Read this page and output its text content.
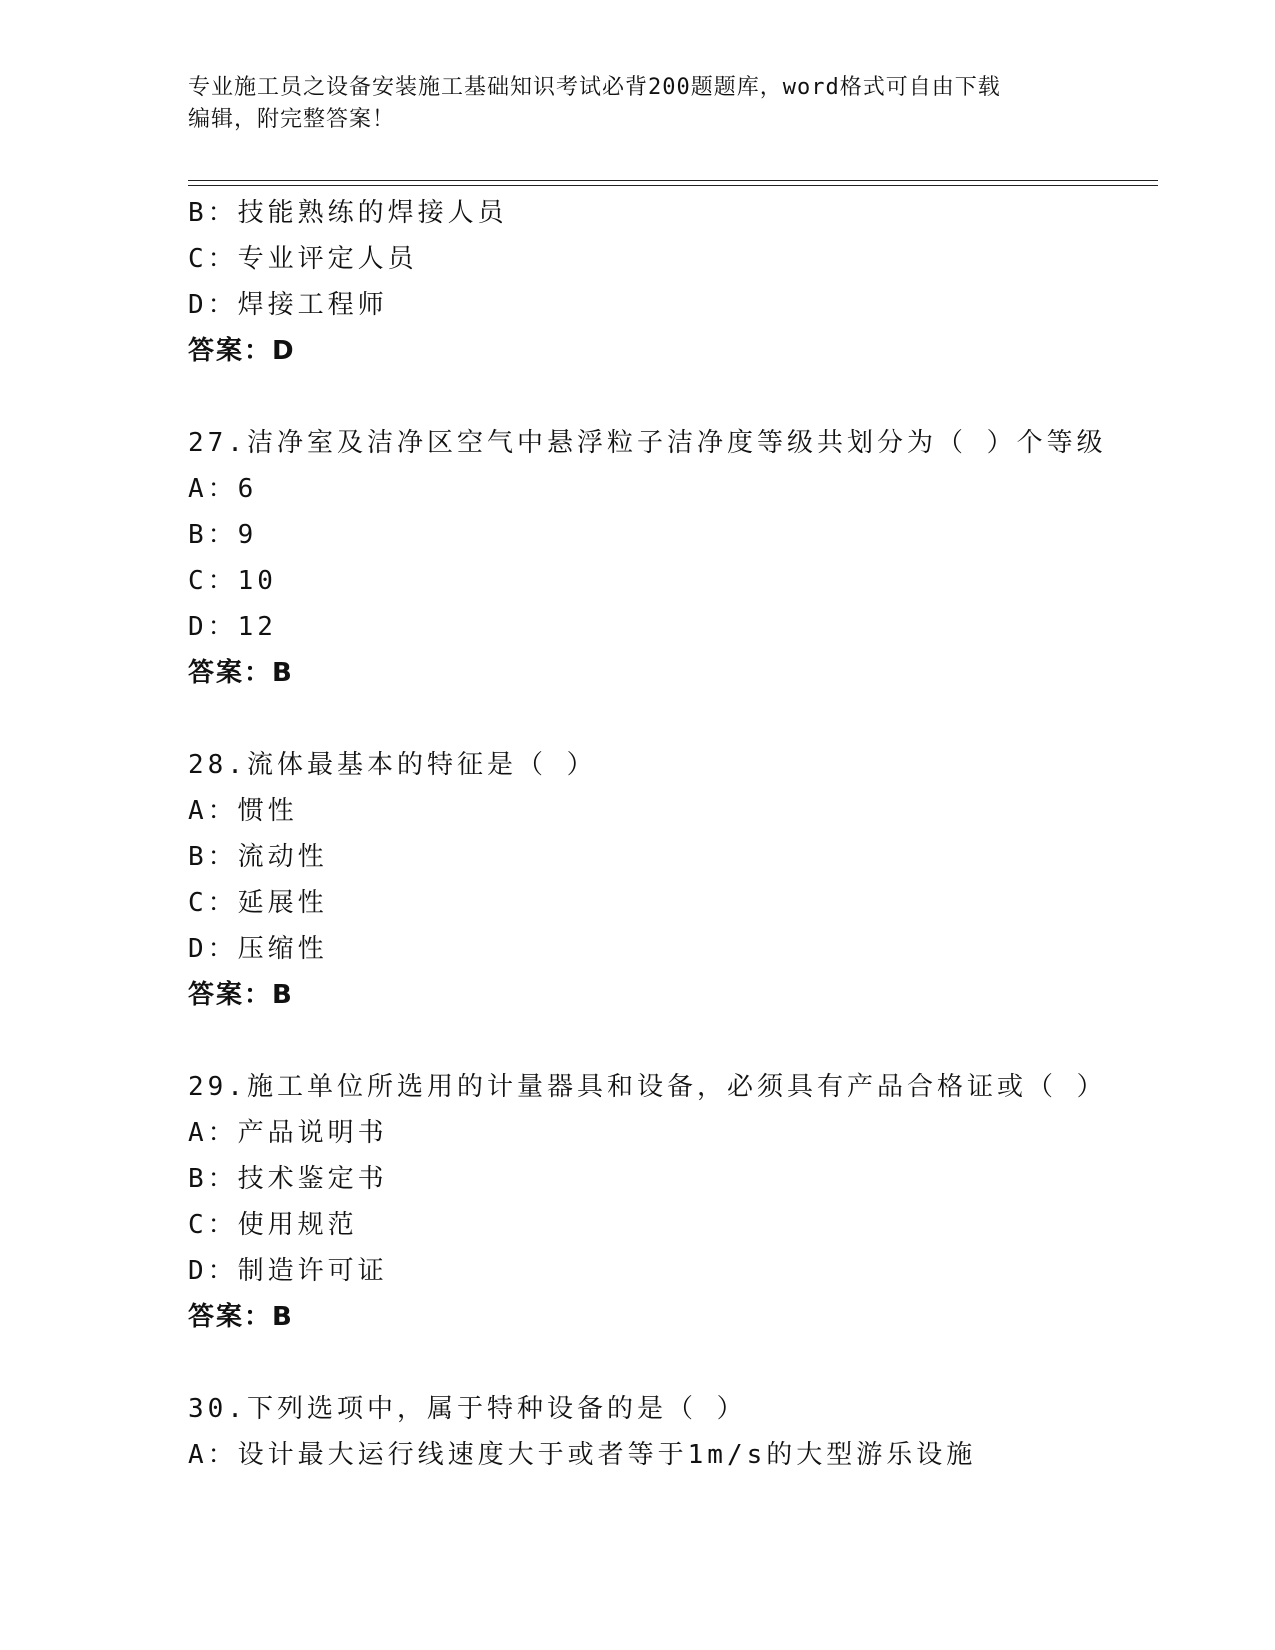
专业施工员之设备安装施工基础知识考试必背200题题库，word格式可自由下载
编辑，附完整答案！
B：技能熟练的焊接人员
C：专业评定人员
D：焊接工程师
答案：D
27.洁净室及洁净区空气中悬浮粒子洁净度等级共划分为（ ）个等级
A：6
B：9
C：10
D：12
答案：B
28.流体最基本的特征是（ ）
A：惯性
B：流动性
C：延展性
D：压缩性
答案：B
29.施工单位所选用的计量器具和设备，必须具有产品合格证或（ ）
A：产品说明书
B：技术鉴定书
C：使用规范
D：制造许可证
答案：B
30.下列选项中，属于特种设备的是（ ）
A：设计最大运行线速度大于或者等于1m/s的大型游乐设施
